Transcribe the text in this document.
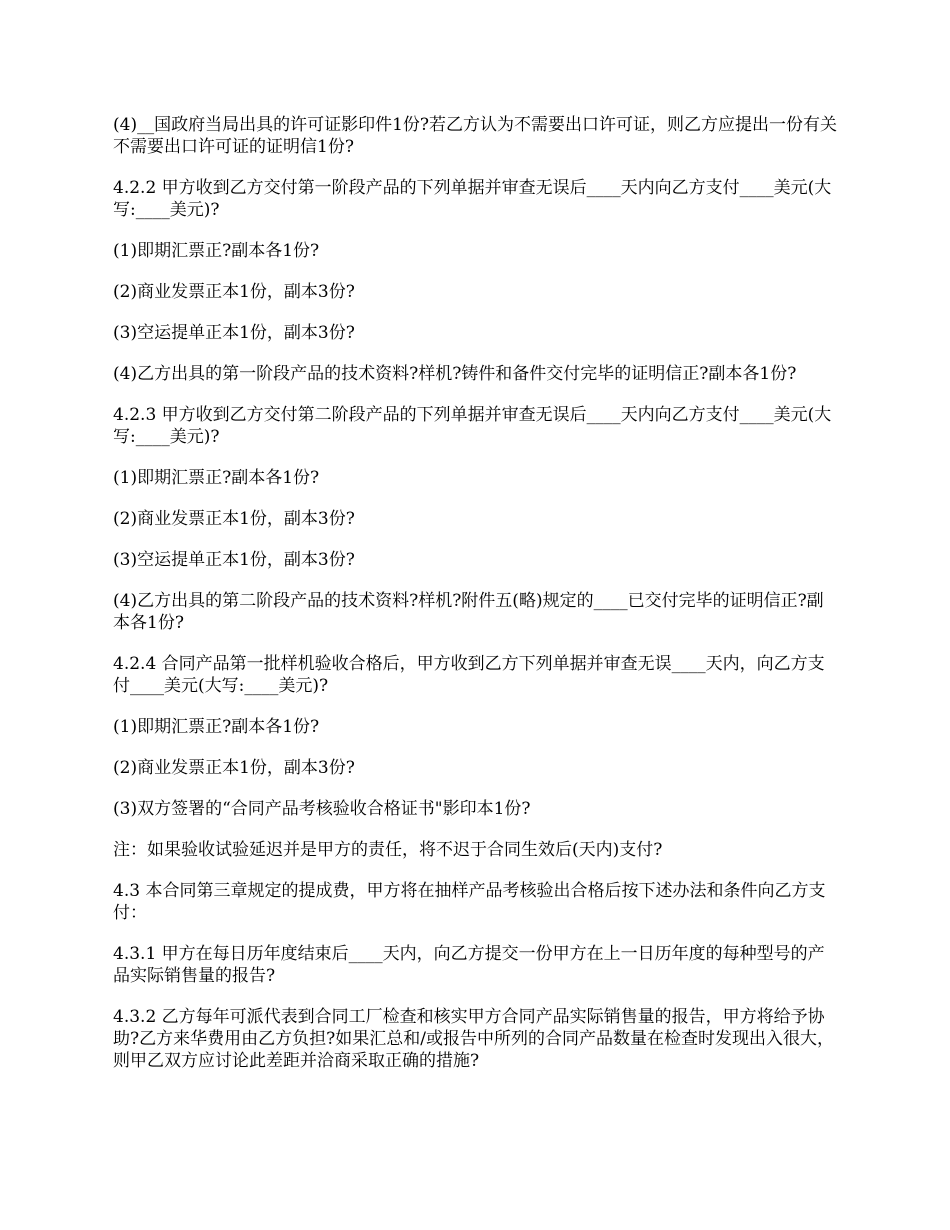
(4)__国政府当局出具的许可证影印件1份?若乙方认为不需要出口许可证，则乙方应提出一份有关不需要出口许可证的证明信1份?

4.2.2 甲方收到乙方交付第一阶段产品的下列单据并审查无误后____天内向乙方支付____美元(大写:____美元)?

(1)即期汇票正?副本各1份?

(2)商业发票正本1份，副本3份?

(3)空运提单正本1份，副本3份?

(4)乙方出具的第一阶段产品的技术资料?样机?铸件和备件交付完毕的证明信正?副本各1份?

4.2.3 甲方收到乙方交付第二阶段产品的下列单据并审查无误后____天内向乙方支付____美元(大写:____美元)?

(1)即期汇票正?副本各1份?

(2)商业发票正本1份，副本3份?

(3)空运提单正本1份，副本3份?

(4)乙方出具的第二阶段产品的技术资料?样机?附件五(略)规定的____已交付完毕的证明信正?副本各1份?

4.2.4 合同产品第一批样机验收合格后，甲方收到乙方下列单据并审查无误____天内，向乙方支付____美元(大写:____美元)?

(1)即期汇票正?副本各1份?

(2)商业发票正本1份，副本3份?

(3)双方签署的“合同产品考核验收合格证书"影印本1份?

注：如果验收试验延迟并是甲方的责任，将不迟于合同生效后(天内)支付?

4.3 本合同第三章规定的提成费，甲方将在抽样产品考核验出合格后按下述办法和条件向乙方支付：

4.3.1 甲方在每日历年度结束后____天内，向乙方提交一份甲方在上一日历年度的每种型号的产品实际销售量的报告?

4.3.2 乙方每年可派代表到合同工厂检查和核实甲方合同产品实际销售量的报告，甲方将给予协助?乙方来华费用由乙方负担?如果汇总和/或报告中所列的合同产品数量在检查时发现出入很大，则甲乙双方应讨论此差距并洽商采取正确的措施?
